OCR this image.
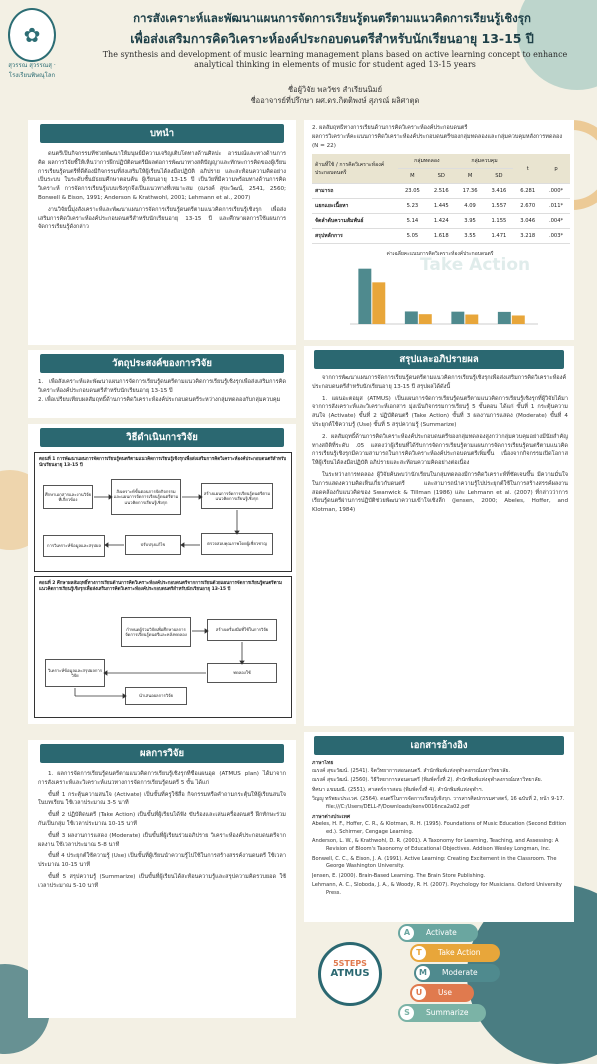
✿
สุวรรณ สุวรรณสุ · โรงเรียนพิษณุโลก
การสังเคราะห์และพัฒนาแผนการจัดการเรียนรู้ดนตรีตามแนวคิดการเรียนรู้เชิงรุก
เพื่อส่งเสริมการคิดวิเคราะห์องค์ประกอบดนตรีสำหรับนักเรียนอายุ 13-15 ปี
The synthesis and development of music learning management plans based on active learning concept to enhance analytical thinking in elements of music for student aged 13-15 years
ชื่อผู้วิจัย พลวัชร สำเรียนนิมย์
ชื่ออาจารย์ที่ปรึกษา ผศ.ดร.กิตติพงษ์ สุภรณ์ ผลิศาตุด
บทนำ

ดนตรีเป็นกิจกรรมที่ช่วยพัฒนาให้มนุษย์มีความเจริญเติบโตทางด้านศิลปะ อารมณ์และทางด้านการคิด ผลการวิจัยชี้ให้เห็นว่าการฝึกปฏิบัติดนตรีมีผลต่อการพัฒนาทางสติปัญญาและทักษะการคิดของผู้เรียน การเรียนรู้ดนตรีที่ดีต้องมีกิจกรรมที่ส่งเสริมให้ผู้เรียนได้ลงมือปฏิบัติ อภิปราย และสะท้อนความคิดอย่างเป็นระบบ ในระดับชั้นมัธยมศึกษาตอนต้น ผู้เรียนอายุ 13-15 ปี เป็นวัยที่มีความพร้อมทางด้านการคิดวิเคราะห์ การจัดการเรียนรู้แบบเชิงรุกจึงเป็นแนวทางที่เหมาะสม (ณรงค์ สุขะวัฒน์, 2541, 2560; Bonwell & Eison, 1991; Anderson & Krathwohl, 2001; Lehmann et al., 2007)

งานวิจัยนี้มุ่งสังเคราะห์และพัฒนาแผนการจัดการเรียนรู้ดนตรีตามแนวคิดการเรียนรู้เชิงรุก เพื่อส่งเสริมการคิดวิเคราะห์องค์ประกอบดนตรีสำหรับนักเรียนอายุ 13-15 ปี และศึกษาผลการใช้แผนการจัดการเรียนรู้ดังกล่าว

วัตถุประสงค์ของการวิจัย
1. เพื่อสังเคราะห์และพัฒนาแผนการจัดการเรียนรู้ดนตรีตามแนวคิดการเรียนรู้เชิงรุกเพื่อส่งเสริมการคิดวิเคราะห์องค์ประกอบดนตรีสำหรับนักเรียนอายุ 13-15 ปี
2. เพื่อเปรียบเทียบผลสัมฤทธิ์ด้านการคิดวิเคราะห์องค์ประกอบดนตรีระหว่างกลุ่มทดลองกับกลุ่มควบคุม
วิธีดำเนินการวิจัย
ตอนที่ 1 การพัฒนาแผนการจัดการเรียนรู้ดนตรีตามแนวคิดการเรียนรู้เชิงรุกเพื่อส่งเสริมการคิดวิเคราะห์องค์ประกอบดนตรีสำหรับนักเรียนอายุ 13-15 ปี
ศึกษาเอกสารและงานวิจัยที่เกี่ยวข้อง
สังเคราะห์ขั้นตอนการจัดกิจกรรมและแผนการจัดการเรียนรู้ดนตรีตามแนวคิดการเรียนรู้เชิงรุก
สร้างแผนการจัดการเรียนรู้ดนตรีตามแนวคิดการเรียนรู้เชิงรุก
ตรวจสอบคุณภาพโดยผู้เชี่ยวชาญ
ปรับปรุงแก้ไข
การวิเคราะห์ข้อมูลและสรุปผล
ตอนที่ 2 ศึกษาผลสัมฤทธิ์ทางการเรียนด้านการคิดวิเคราะห์องค์ประกอบดนตรีจากการเรียนด้วยแผนการจัดการเรียนรู้ดนตรีตามแนวคิดการเรียนรู้เชิงรุกเพื่อส่งเสริมการคิดวิเคราะห์องค์ประกอบดนตรีสำหรับนักเรียนอายุ 13-15 ปี
กำหนดผู้ร่วมวิจัยเพื่อศึกษาผลการจัดการเรียนรู้ดนตรีและหลังทดลอง
สร้างเครื่องมือที่ใช้ในการวิจัย
ทดลองใช้
วิเคราะห์ข้อมูลและสรุปผลการวิจัย
นำเสนอผลการวิจัย
ผลการวิจัย

1. ผลการจัดการเรียนรู้ดนตรีตามแนวคิดการเรียนรู้เชิงรุกที่ชื่อแผนอุด (ATMUS plan) ได้มาจากการสังเคราะห์และวิเคราะห์แนวทางการจัดการเรียนรู้ดนตรี 5 ขั้น ได้แก่

ขั้นที่ 1 กระตุ้นความสนใจ (Activate) เป็นขั้นที่ครูใช้สื่อ กิจกรรมหรือคำถามกระตุ้นให้ผู้เรียนสนใจในบทเรียน ใช้เวลาประมาณ 3-5 นาที

ขั้นที่ 2 ปฏิบัติดนตรี (Take Action) เป็นขั้นที่ผู้เรียนได้ฟัง ขับร้องและเล่นเครื่องดนตรี ฝึกทักษะร่วมกันเป็นกลุ่ม ใช้เวลาประมาณ 10-15 นาที

ขั้นที่ 3 ผลงานการแสดง (Moderate) เป็นขั้นที่ผู้เรียนร่วมอภิปราย วิเคราะห์องค์ประกอบดนตรีจากผลงาน ใช้เวลาประมาณ 5-8 นาที

ขั้นที่ 4 ประยุกต์ใช้ความรู้ (Use) เป็นขั้นที่ผู้เรียนนำความรู้ไปใช้ในการสร้างสรรค์งานดนตรี ใช้เวลาประมาณ 10-15 นาที

ขั้นที่ 5 สรุปความรู้ (Summarize) เป็นขั้นที่ผู้เรียนได้สะท้อนความรู้และสรุปความคิดรวบยอด ใช้เวลาประมาณ 5-10 นาที

2. ผลสัมฤทธิ์ทางการเรียนด้านการคิดวิเคราะห์องค์ประกอบดนตรี
ผลการวิเคราะห์คะแนนการคิดวิเคราะห์องค์ประกอบดนตรีของกลุ่มทดลองและกลุ่มควบคุมหลังการทดลอง (N = 22)
ด้านที่ใช้ / การคิดวิเคราะห์องค์ประกอบดนตรี	กลุ่มทดลอง		กลุ่มควบคุม		t	p
	M	SD	M	SD		
สามารถ	23.05	2.516	17.36	3.416	6.281	.000*
แยกแยะเนื้อหา	5.23	1.445	4.09	1.557	2.670	.011*
จัดลำดับความสัมพันธ์	5.14	1.424	3.95	1.155	3.046	.004*
สรุปหลักการ	5.05	1.618	3.55	1.471	3.218	.003*
ค่าเฉลี่ยคะแนนการคิดวิเคราะห์องค์ประกอบดนตรี
Take Action
สรุปและอภิปรายผล

จากการพัฒนาแผนการจัดการเรียนรู้ดนตรีตามแนวคิดการเรียนรู้เชิงรุกเพื่อส่งเสริมการคิดวิเคราะห์องค์ประกอบดนตรีสำหรับนักเรียนอายุ 13-15 ปี สรุปผลได้ดังนี้

1. แผนอะตอมุส (ATMUS) เป็นแผนการจัดการเรียนรู้ดนตรีตามแนวคิดการเรียนรู้เชิงรุกที่ผู้วิจัยได้มาจากการสังเคราะห์และวิเคราะห์เอกสาร มุ่งเน้นกิจกรรมการเรียนรู้ 5 ขั้นตอน ได้แก่ ขั้นที่ 1 กระตุ้นความสนใจ (Activate) ขั้นที่ 2 ปฏิบัติดนตรี (Take Action) ขั้นที่ 3 ผลงานการแสดง (Moderate) ขั้นที่ 4 ประยุกต์ใช้ความรู้ (Use) ขั้นที่ 5 สรุปความรู้ (Summarize)

2. ผลสัมฤทธิ์ด้านการคิดวิเคราะห์องค์ประกอบดนตรีของกลุ่มทดลองสูงกว่ากลุ่มควบคุมอย่างมีนัยสำคัญทางสถิติที่ระดับ .05 แสดงว่าผู้เรียนที่ได้รับการจัดการเรียนรู้ตามแผนการจัดการเรียนรู้ดนตรีตามแนวคิดการเรียนรู้เชิงรุกมีความสามารถในการคิดวิเคราะห์องค์ประกอบดนตรีเพิ่มขึ้น เนื่องจากกิจกรรมเปิดโอกาสให้ผู้เรียนได้ลงมือปฏิบัติ อภิปรายและสะท้อนความคิดอย่างต่อเนื่อง

ในระหว่างการทดลอง ผู้วิจัยค้นพบว่านักเรียนในกลุ่มทดลองมีการคิดวิเคราะห์ที่ชัดเจนขึ้น มีความมั่นใจในการแสดงความคิดเห็นเกี่ยวกับดนตรี และสามารถนำความรู้ไปประยุกต์ใช้ในการสร้างสรรค์ผลงาน สอดคล้องกับแนวคิดของ Swanwick & Tillman (1986) และ Lehmann et al. (2007) ที่กล่าวว่าการเรียนรู้ดนตรีผ่านการปฏิบัติช่วยพัฒนาความเข้าใจเชิงลึก (Jensen, 2000; Abeles, Hoffer, and Klotman, 1984)

เอกสารอ้างอิง
ภาษาไทย

ณรงค์ สุขะวัฒน์. (2541). จิตวิทยาการสอนดนตรี. สำนักพิมพ์แห่งจุฬาลงกรณ์มหาวิทยาลัย.

ณรงค์ สุขะวัฒน์. (2560). วิธีวิทยาการสอนดนตรี (พิมพ์ครั้งที่ 2). สำนักพิมพ์แห่งจุฬาลงกรณ์มหาวิทยาลัย.

ทิศนา แขมมณี. (2551). ศาสตร์การสอน (พิมพ์ครั้งที่ 4). สำนักพิมพ์แห่งจุฬาฯ.

วิญญู ทรัพยะประเวศ. (2564). ดนตรีในการจัดการเรียนรู้เชิงรุก. วารสารศิลปกรรมศาสตร์, 16 ฉบับที่ 2, หน้า 9-17. file:///C:/Users/DELL-F/Downloads/kenv0016nca2a02.pdf

ภาษาต่างประเทศ

Abeles, H. F., Hoffer, C. R., & Klotman, R. H. (1995). Foundations of Music Education (Second Edition ed.). Schirmer, Cengage Learning.

Anderson, L. W., & Krathwohl, D. R. (2001). A Taxonomy for Learning, Teaching, and Assessing: A Revision of Bloom's Taxonomy of Educational Objectives. Addison Wesley Longman, Inc.

Bonwell, C. C., & Eison, J. A. (1991). Active Learning: Creating Excitement in the Classroom. The George Washington University.

Jensen, E. (2000). Brain-Based Learning. The Brain Store Publishing.

Lehmann, A. C., Sloboda, J. A., & Woody, R. H. (2007). Psychology for Musicians. Oxford University Press.

5STEPS
ATMUS
A	Activate
T	Take Action
M	Moderate
U	Use
S	Summarize
